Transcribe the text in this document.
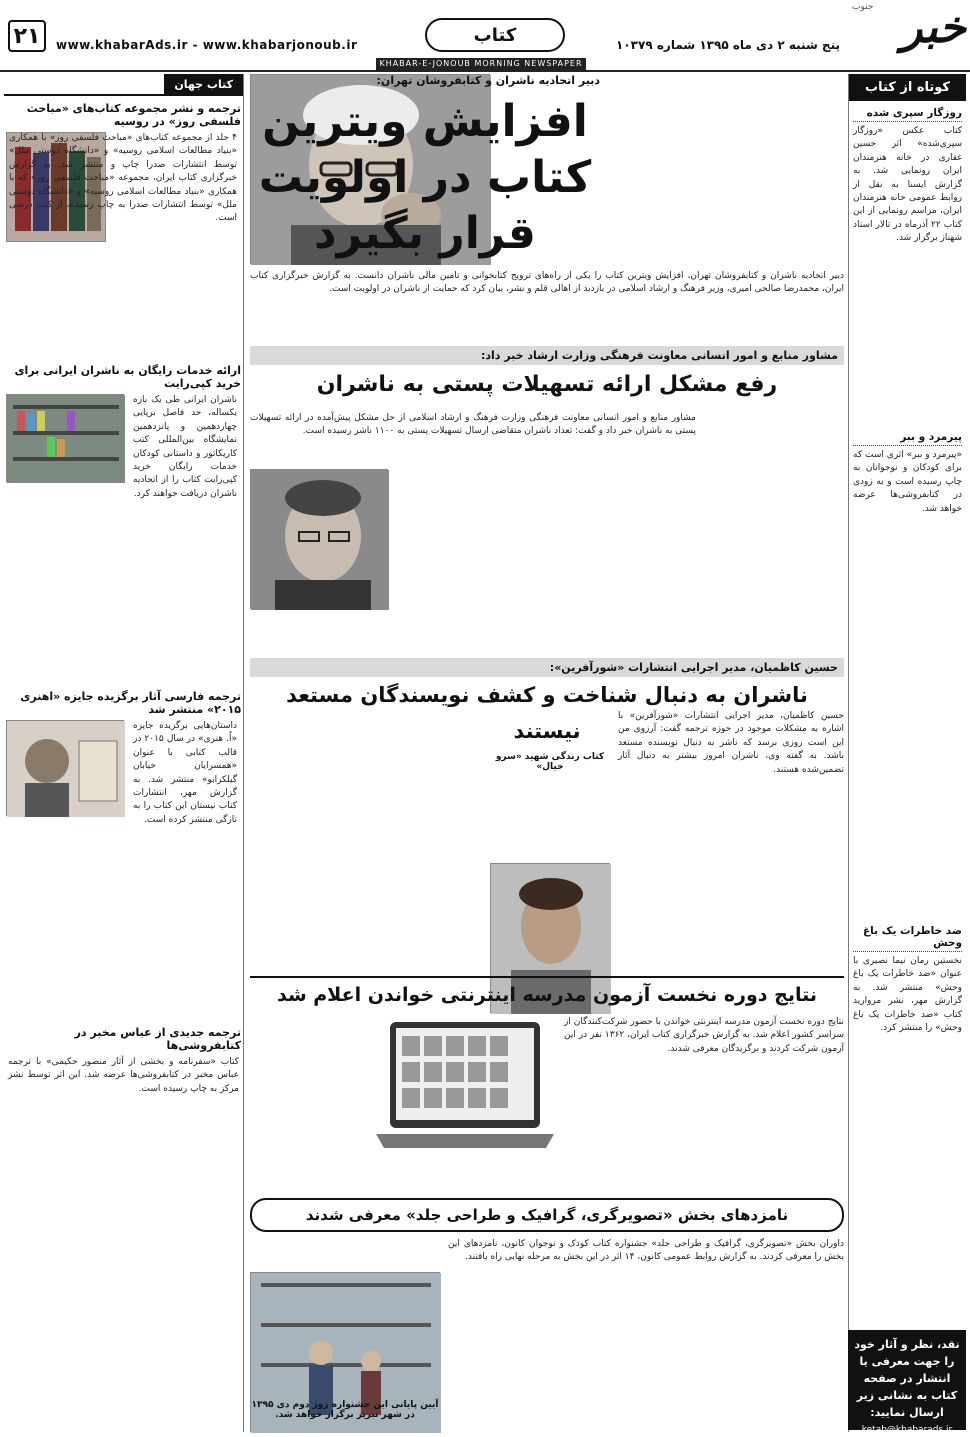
۲۱	www.khabarAds.ir - www.khabarjonoub.ir	کتاب	پنج شنبه ۲ دی ماه ۱۳۹۵ شماره ۱۰۳۷۹	خبر
جنوب
KHABAR-E-JONOUB MORNING NEWSPAPER
کوتاه از کتاب
روزگار سپری شده
کتاب عکس «روزگار سپری‌شده» اثر حسین غفاری در خانه هنرمندان ایران رونمایی شد. به گزارش ایسنا به نقل از روابط عمومی خانه هنرمندان ایران، مراسم رونمایی از این کتاب ۲۲ آذرماه در تالار استاد شهناز برگزار شد.
پیرمرد و ببر
«پیرمرد و ببر» اثری است که برای کودکان و نوجوانان به چاپ رسیده است و به زودی در کتابفروشی‌ها عرضه خواهد شد.
ضد خاطرات یک باغ وحش
نخستین رمان نیما نصیری با عنوان «ضد خاطرات یک باغ وحش» منتشر شد. به گزارش مهر، نشر مروارید کتاب «ضد خاطرات یک باغ وحش» را منتشر کرد.
نقد، نظر و آثار خود را جهت معرفی یا انتشار در صفحه کتاب به نشانی زیر ارسال نمایید:
ketab@khabarads.ir
کتاب جهان
ترجمه و نشر مجموعه کتاب‌های «مباحث فلسفی روز» در روسیه
۴ جلد از مجموعه کتاب‌های «مباحث فلسفی روز» با همکاری «بنیاد مطالعات اسلامی روسیه» و «دانشگاه دوستی ملل» توسط انتشارات صدرا چاپ و منتشر شد. به گزارش خبرگزاری کتاب ایران، مجموعه «مباحث فلسفی روز» که با همکاری «بنیاد مطالعات اسلامی روسیه» و «دانشگاه دوستی ملل» توسط انتشارات صدرا به چاپ رسیده، از کتب درسی است.
ارائه خدمات رایگان به ناشران ایرانی برای خرید کپی‌رایت
ناشران ایرانی طی یک بازه یکساله، حد فاصل برپایی چهاردهمین و پانزدهمین نمایشگاه بین‌المللی کتب کاریکاتور و داستانی کودکان خدمات رایگان خرید کپی‌رایت کتاب را از اتحادیه ناشران دریافت خواهند کرد.
ترجمه فارسی آثار برگزیده جایزه «اهنری ۲۰۱۵» منتشر شد
داستان‌هایی برگزیده جایزه «اُ. هنری» در سال ۲۰۱۵ در قالب کتابی با عنوان «همسرایان خیابان گیلکرابو» منتشر شد. به گزارش مهر، انتشارات کتاب نیستان این کتاب را به تازگی منتشر کرده است.
ترجمه جدیدی از عباس مخبر در کتابفروشی‌ها
کتاب «سفرنامه و بخشی از آثار منصور حکیمی» با ترجمه عباس مخبر در کتابفروشی‌ها عرضه شد. این اثر توسط نشر مرکز به چاپ رسیده است.
دبیر اتحادیه ناشران و کتابفروشان تهران:
افزایش ویترین کتاب در اولویت قرار بگیرد
دبیر اتحادیه ناشران و کتابفروشان تهران، افزایش ویترین کتاب را یکی از راه‌های ترویج کتابخوانی و تامین مالی ناشران دانست. به گزارش خبرگزاری کتاب ایران، محمدرضا صالحی امیری، وزیر فرهنگ و ارشاد اسلامی در بازدید از اهالی قلم و نشر، بیان کرد که حمایت از ناشران در اولویت است.
مشاور منابع و امور انسانی معاونت فرهنگی وزارت ارشاد خبر داد:
رفع مشکل ارائه تسهیلات پستی به ناشران
مشاور منابع و امور انسانی معاونت فرهنگی وزارت فرهنگ و ارشاد اسلامی از حل مشکل پیش‌آمده در ارائه تسهیلات پستی به ناشران خبر داد و گفت: تعداد ناشران متقاضی ارسال تسهیلات پستی به ۱۱۰۰ ناشر رسیده است.
حسین کاظمیان، مدیر اجرایی انتشارات «شورآفرین»:
ناشران به دنبال شناخت و کشف نویسندگان مستعد نیستند
کتاب زندگی شهید «سرو خیال»
حسین کاظمیان، مدیر اجرایی انتشارات «شورآفرین» با اشاره به مشکلات موجود در حوزه ترجمه گفت: آرزوی من این است روزی برسد که ناشر به دنبال نویسنده مستعد باشد. به گفته وی، ناشران امروز بیشتر به دنبال آثار تضمین‌شده هستند.
نتایج دوره نخست آزمون مدرسه اینترنتی خواندن اعلام شد
نتایج دوره نخست آزمون مدرسه اینترنتی خواندن با حضور شرکت‌کنندگان از سراسر کشور اعلام شد. به گزارش خبرگزاری کتاب ایران، ۱۳۶۲ نفر در این آزمون شرکت کردند و برگزیدگان معرفی شدند.
نامزدهای بخش «تصویرگری، گرافیک و طراحی جلد» معرفی شدند
آیین پایانی این جشنواره روز دوم دی ۱۳۹۵ در شهر تبریز برگزار خواهد شد.
داوران بخش «تصویرگری، گرافیک و طراحی جلد» جشنواره کتاب کودک و نوجوان کانون، نامزدهای این بخش را معرفی کردند. به گزارش روابط عمومی کانون، ۱۴ اثر در این بخش به مرحله نهایی راه یافتند.
